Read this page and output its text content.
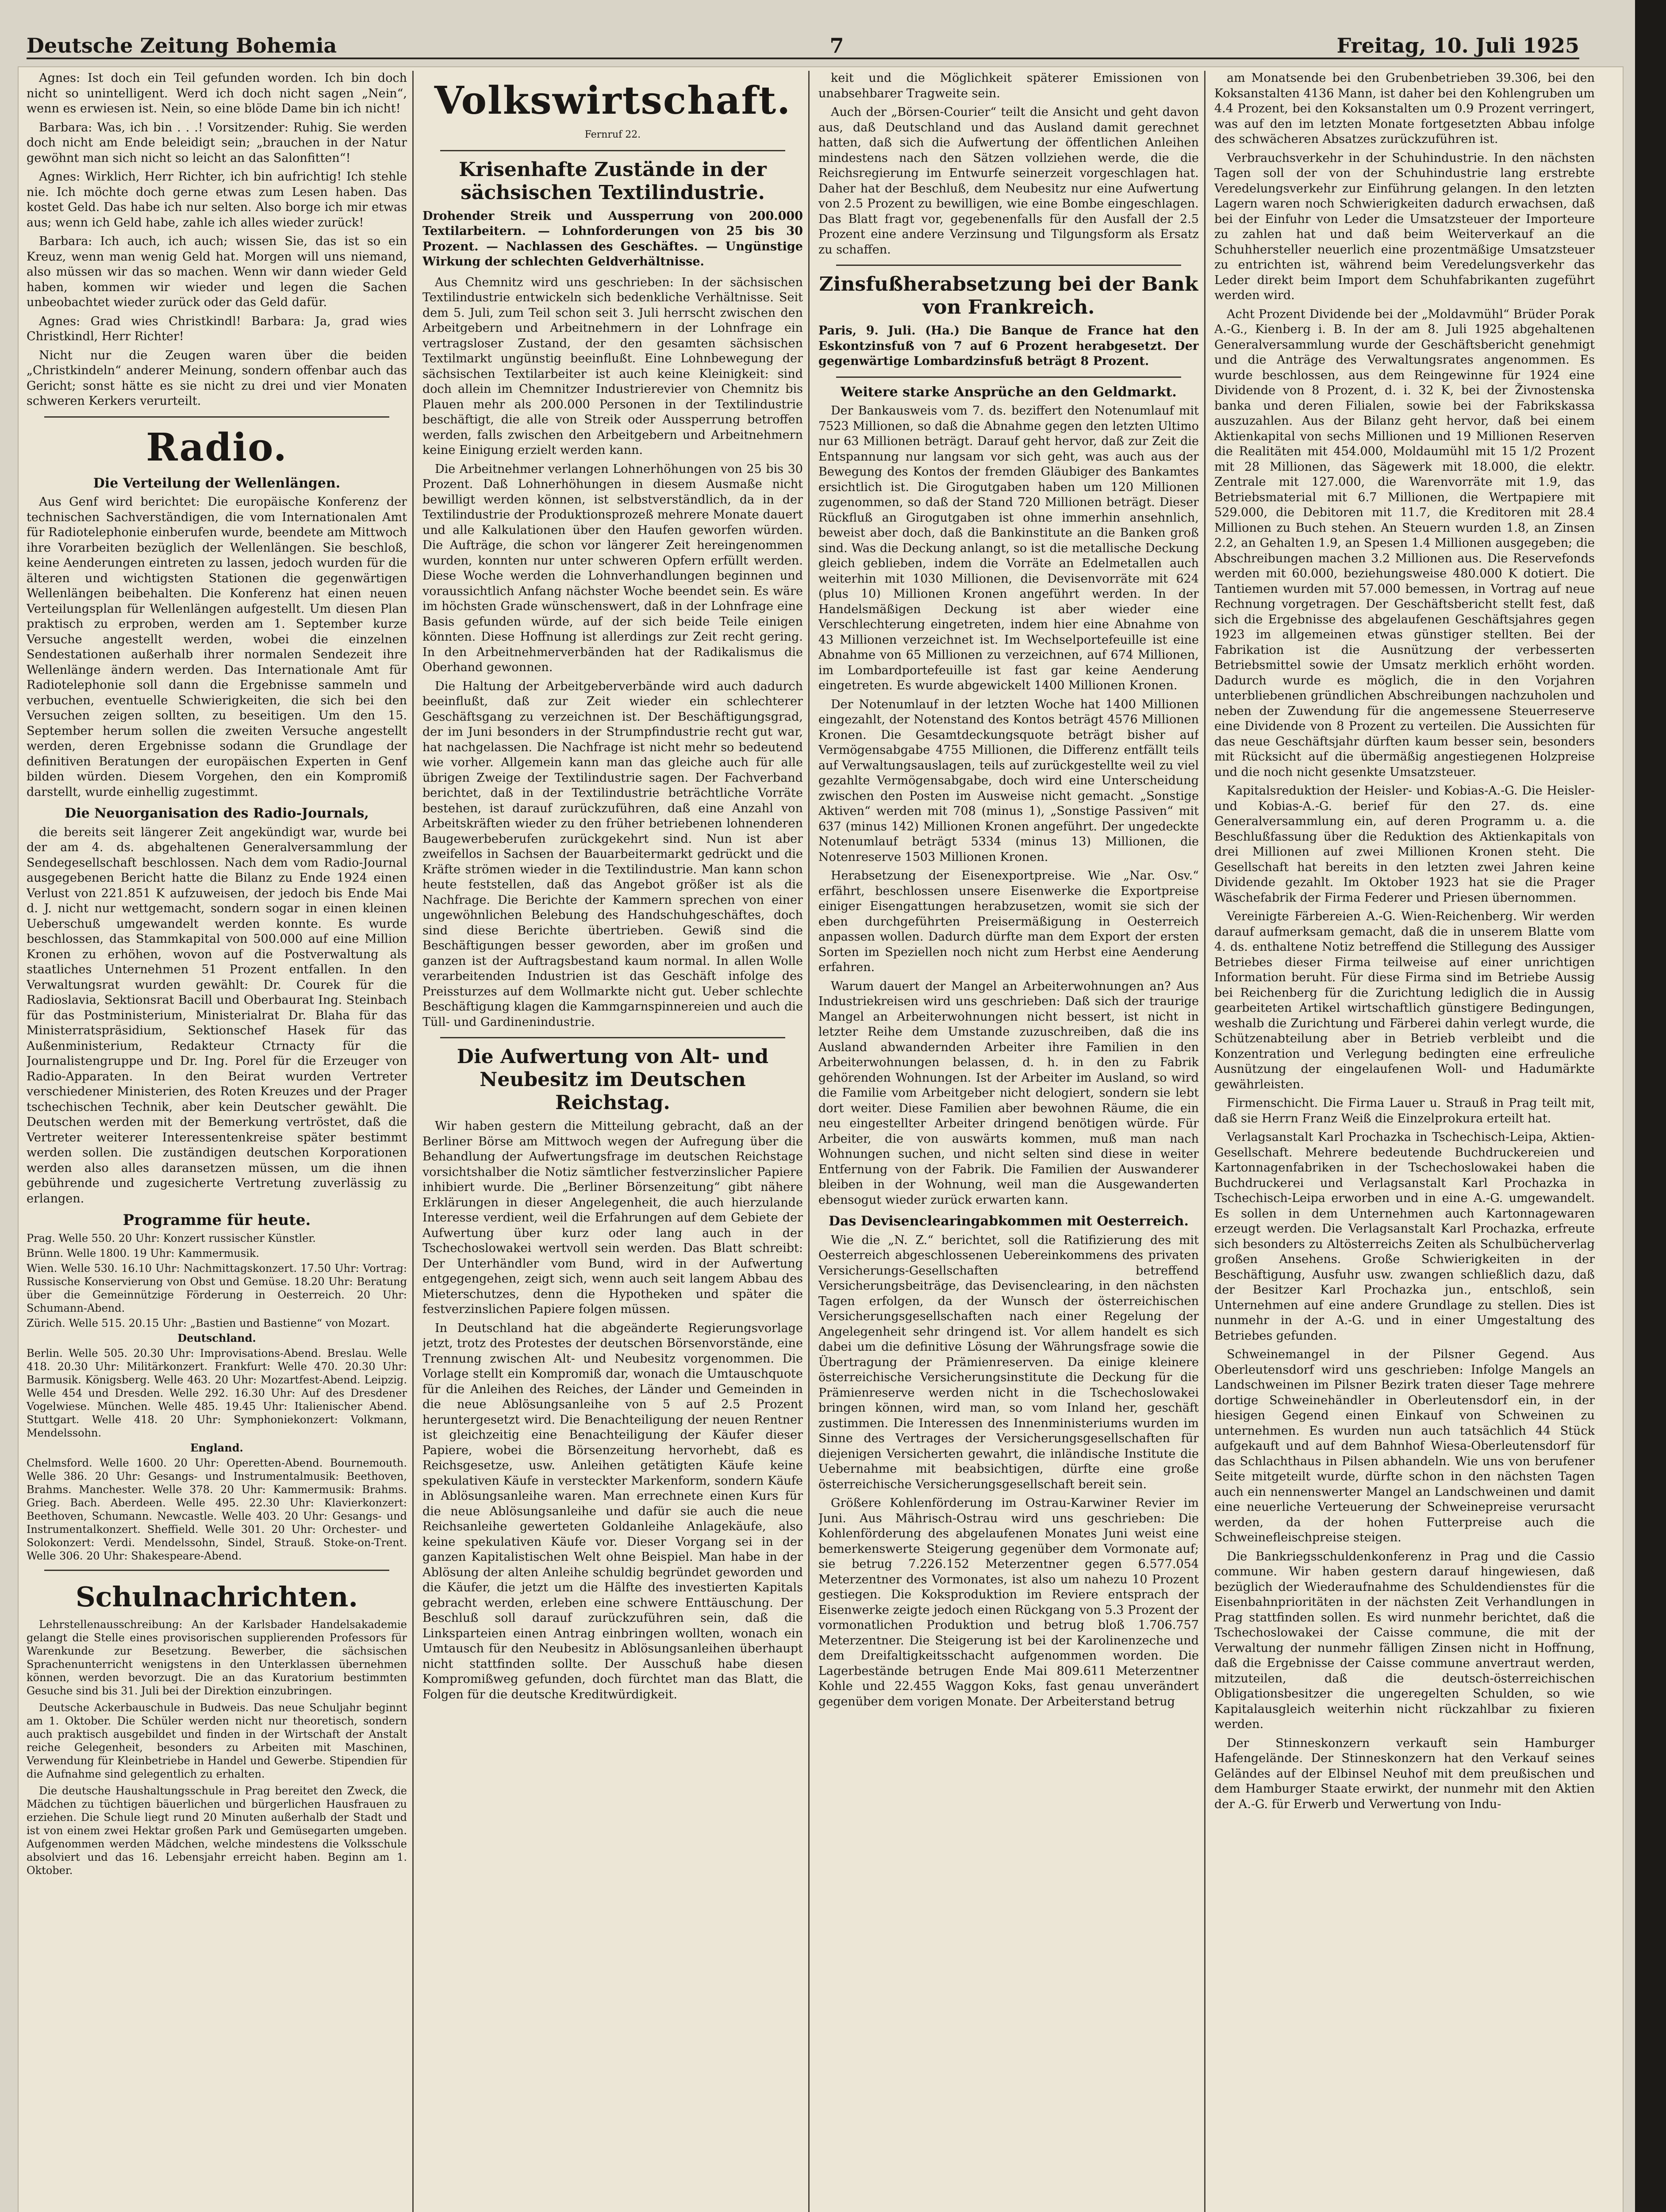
Deutsche Zeitung Bohemia	7	Freitag, 10. Juli 1925

Agnes: Ist doch ein Teil gefunden worden. Ich bin doch nicht so unintelligent. Werd ich doch nicht sagen „Nein“, wenn es erwiesen ist. Nein, so eine blöde Dame bin ich nicht!

Barbara: Was, ich bin . . .! Vorsitzender: Ruhig. Sie werden doch nicht am Ende beleidigt sein; „brauchen in der Natur gewöhnt man sich nicht so leicht an das Salonfitten“!

Agnes: Wirklich, Herr Richter, ich bin aufrichtig! Ich stehle nie. Ich möchte doch gerne etwas zum Lesen haben. Das kostet Geld. Das habe ich nur selten. Also borge ich mir etwas aus; wenn ich Geld habe, zahle ich alles wieder zurück!

Barbara: Ich auch, ich auch; wissen Sie, das ist so ein Kreuz, wenn man wenig Geld hat. Morgen will uns niemand, also müssen wir das so machen. Wenn wir dann wieder Geld haben, kommen wir wieder und legen die Sachen unbeobachtet wieder zurück oder das Geld dafür.

Agnes: Grad wies Christkindl! Barbara: Ja, grad wies Christkindl, Herr Richter!

Nicht nur die Zeugen waren über die beiden „Christkindeln“ anderer Meinung, sondern offenbar auch das Gericht; sonst hätte es sie nicht zu drei und vier Monaten schweren Kerkers verurteilt.

Radio.
Die Verteilung der Wellenlängen.

Aus Genf wird berichtet: Die europäische Konferenz der technischen Sachverständigen, die vom Internationalen Amt für Radiotelephonie einberufen wurde, beendete am Mittwoch ihre Vorarbeiten bezüglich der Wellenlängen. Sie beschloß, keine Aenderungen eintreten zu lassen, jedoch wurden für die älteren und wichtigsten Stationen die gegenwärtigen Wellenlängen beibehalten. Die Konferenz hat einen neuen Verteilungsplan für Wellenlängen aufgestellt. Um diesen Plan praktisch zu erproben, werden am 1. September kurze Versuche angestellt werden, wobei die einzelnen Sendestationen außerhalb ihrer normalen Sendezeit ihre Wellenlänge ändern werden. Das Internationale Amt für Radiotelephonie soll dann die Ergebnisse sammeln und verbuchen, eventuelle Schwierigkeiten, die sich bei den Versuchen zeigen sollten, zu beseitigen. Um den 15. September herum sollen die zweiten Versuche angestellt werden, deren Ergebnisse sodann die Grundlage der definitiven Beratungen der europäischen Experten in Genf bilden würden. Diesem Vorgehen, den ein Kompromiß darstellt, wurde einhellig zugestimmt.

Die Neuorganisation des Radio-Journals,

die bereits seit längerer Zeit angekündigt war, wurde bei der am 4. ds. abgehaltenen Generalversammlung der Sendegesellschaft beschlossen. Nach dem vom Radio-Journal ausgegebenen Bericht hatte die Bilanz zu Ende 1924 einen Verlust von 221.851 K aufzuweisen, der jedoch bis Ende Mai d. J. nicht nur wettgemacht, sondern sogar in einen kleinen Ueberschuß umgewandelt werden konnte. Es wurde beschlossen, das Stammkapital von 500.000 auf eine Million Kronen zu erhöhen, wovon auf die Postverwaltung als staatliches Unternehmen 51 Prozent entfallen. In den Verwaltungsrat wurden gewählt: Dr. Courek für die Radioslavia, Sektionsrat Bacill und Oberbaurat Ing. Steinbach für das Postministerium, Ministerialrat Dr. Blaha für das Ministerratspräsidium, Sektionschef Hasek für das Außenministerium, Redakteur Ctrnacty für die Journalistengruppe und Dr. Ing. Porel für die Erzeuger von Radio-Apparaten. In den Beirat wurden Vertreter verschiedener Ministerien, des Roten Kreuzes und der Prager tschechischen Technik, aber kein Deutscher gewählt. Die Deutschen werden mit der Bemerkung vertröstet, daß die Vertreter weiterer Interessentenkreise später bestimmt werden sollen. Die zuständigen deutschen Korporationen werden also alles daransetzen müssen, um die ihnen gebührende und zugesicherte Vertretung zuverlässig zu erlangen.

Programme für heute.

Prag. Welle 550. 20 Uhr: Konzert russischer Künstler.

Brünn. Welle 1800. 19 Uhr: Kammermusik.

Wien. Welle 530. 16.10 Uhr: Nachmittagskonzert. 17.50 Uhr: Vortrag: Russische Konservierung von Obst und Gemüse. 18.20 Uhr: Beratung über die Gemeinnützige Förderung in Oesterreich. 20 Uhr: Schumann-Abend.

Zürich. Welle 515. 20.15 Uhr: „Bastien und Bastienne“ von Mozart.

Deutschland.

Berlin. Welle 505. 20.30 Uhr: Improvisations-Abend. Breslau. Welle 418. 20.30 Uhr: Militärkonzert. Frankfurt: Welle 470. 20.30 Uhr: Barmusik. Königsberg. Welle 463. 20 Uhr: Mozartfest-Abend. Leipzig. Welle 454 und Dresden. Welle 292. 16.30 Uhr: Auf des Dresdener Vogelwiese. München. Welle 485. 19.45 Uhr: Italienischer Abend. Stuttgart. Welle 418. 20 Uhr: Symphoniekonzert: Volkmann, Mendelssohn.

England.

Chelmsford. Welle 1600. 20 Uhr: Operetten-Abend. Bournemouth. Welle 386. 20 Uhr: Gesangs- und Instrumentalmusik: Beethoven, Brahms. Manchester. Welle 378. 20 Uhr: Kammermusik: Brahms. Grieg. Bach. Aberdeen. Welle 495. 22.30 Uhr: Klavierkonzert: Beethoven, Schumann. Newcastle. Welle 403. 20 Uhr: Gesangs- und Instrumentalkonzert. Sheffield. Welle 301. 20 Uhr: Orchester- und Solokonzert: Verdi. Mendelssohn, Sindel, Strauß. Stoke-on-Trent. Welle 306. 20 Uhr: Shakespeare-Abend.

Schulnachrichten.

Lehrstellenausschreibung: An der Karlsbader Handelsakademie gelangt die Stelle eines provisorischen supplierenden Professors für Warenkunde zur Besetzung. Bewerber, die sächsischen Sprachenunterricht wenigstens in den Unterklassen übernehmen können, werden bevorzugt. Die an das Kuratorium bestimmten Gesuche sind bis 31. Juli bei der Direktion einzubringen.

Deutsche Ackerbauschule in Budweis. Das neue Schuljahr beginnt am 1. Oktober. Die Schüler werden nicht nur theoretisch, sondern auch praktisch ausgebildet und finden in der Wirtschaft der Anstalt reiche Gelegenheit, besonders zu Arbeiten mit Maschinen, Verwendung für Kleinbetriebe in Handel und Gewerbe. Stipendien für die Aufnahme sind gelegentlich zu erhalten.

Die deutsche Haushaltungsschule in Prag bereitet den Zweck, die Mädchen zu tüchtigen bäuerlichen und bürgerlichen Hausfrauen zu erziehen. Die Schule liegt rund 20 Minuten außerhalb der Stadt und ist von einem zwei Hektar großen Park und Gemüsegarten umgeben. Aufgenommen werden Mädchen, welche mindestens die Volksschule absolviert und das 16. Lebensjahr erreicht haben. Beginn am 1. Oktober.

Volkswirtschaft.
Fernruf 22.
Krisenhafte Zustände in der sächsischen Textilindustrie.
Drohender Streik und Aussperrung von 200.000 Textilarbeitern. — Lohnforderungen von 25 bis 30 Prozent. — Nachlassen des Geschäftes. — Ungünstige Wirkung der schlechten Geldverhältnisse.

Aus Chemnitz wird uns geschrieben: In der sächsischen Textilindustrie entwickeln sich bedenkliche Verhältnisse. Seit dem 5. Juli, zum Teil schon seit 3. Juli herrscht zwischen den Arbeitgebern und Arbeitnehmern in der Lohnfrage ein vertragsloser Zustand, der den gesamten sächsischen Textilmarkt ungünstig beeinflußt. Eine Lohnbewegung der sächsischen Textilarbeiter ist auch keine Kleinigkeit: sind doch allein im Chemnitzer Industrierevier von Chemnitz bis Plauen mehr als 200.000 Personen in der Textilindustrie beschäftigt, die alle von Streik oder Aussperrung betroffen werden, falls zwischen den Arbeitgebern und Arbeitnehmern keine Einigung erzielt werden kann.

Die Arbeitnehmer verlangen Lohnerhöhungen von 25 bis 30 Prozent. Daß Lohnerhöhungen in diesem Ausmaße nicht bewilligt werden können, ist selbstverständlich, da in der Textilindustrie der Produktionsprozeß mehrere Monate dauert und alle Kalkulationen über den Haufen geworfen würden. Die Aufträge, die schon vor längerer Zeit hereingenommen wurden, konnten nur unter schweren Opfern erfüllt werden. Diese Woche werden die Lohnverhandlungen beginnen und voraussichtlich Anfang nächster Woche beendet sein. Es wäre im höchsten Grade wünschenswert, daß in der Lohnfrage eine Basis gefunden würde, auf der sich beide Teile einigen könnten. Diese Hoffnung ist allerdings zur Zeit recht gering. In den Arbeitnehmerverbänden hat der Radikalismus die Oberhand gewonnen.

Die Haltung der Arbeitgeberverbände wird auch dadurch beeinflußt, daß zur Zeit wieder ein schlechterer Geschäftsgang zu verzeichnen ist. Der Beschäftigungsgrad, der im Juni besonders in der Strumpfindustrie recht gut war, hat nachgelassen. Die Nachfrage ist nicht mehr so bedeutend wie vorher. Allgemein kann man das gleiche auch für alle übrigen Zweige der Textilindustrie sagen. Der Fachverband berichtet, daß in der Textilindustrie beträchtliche Vorräte bestehen, ist darauf zurückzuführen, daß eine Anzahl von Arbeitskräften wieder zu den früher betriebenen lohnenderen Baugewerbeberufen zurückgekehrt sind. Nun ist aber zweifellos in Sachsen der Bauarbeitermarkt gedrückt und die Kräfte strömen wieder in die Textilindustrie. Man kann schon heute feststellen, daß das Angebot größer ist als die Nachfrage. Die Berichte der Kammern sprechen von einer ungewöhnlichen Belebung des Handschuhgeschäftes, doch sind diese Berichte übertrieben. Gewiß sind die Beschäftigungen besser geworden, aber im großen und ganzen ist der Auftragsbestand kaum normal. In allen Wolle verarbeitenden Industrien ist das Geschäft infolge des Preissturzes auf dem Wollmarkte nicht gut. Ueber schlechte Beschäftigung klagen die Kammgarnspinnereien und auch die Tüll- und Gardinenindustrie.

Die Aufwertung von Alt- und Neubesitz im Deutschen Reichstag.

Wir haben gestern die Mitteilung gebracht, daß an der Berliner Börse am Mittwoch wegen der Aufregung über die Behandlung der Aufwertungsfrage im deutschen Reichstage vorsichtshalber die Notiz sämtlicher festverzinslicher Papiere inhibiert wurde. Die „Berliner Börsenzeitung“ gibt nähere Erklärungen in dieser Angelegenheit, die auch hierzulande Interesse verdient, weil die Erfahrungen auf dem Gebiete der Aufwertung über kurz oder lang auch in der Tschechoslowakei wertvoll sein werden. Das Blatt schreibt: Der Unterhändler vom Bund, wird in der Aufwertung entgegengehen, zeigt sich, wenn auch seit langem Abbau des Mieterschutzes, denn die Hypotheken und später die festverzinslichen Papiere folgen müssen.

In Deutschland hat die abgeänderte Regierungsvorlage jetzt, trotz des Protestes der deutschen Börsenvorstände, eine Trennung zwischen Alt- und Neubesitz vorgenommen. Die Vorlage stellt ein Kompromiß dar, wonach die Umtauschquote für die Anleihen des Reiches, der Länder und Gemeinden in die neue Ablösungsanleihe von 5 auf 2.5 Prozent heruntergesetzt wird. Die Benachteiligung der neuen Rentner ist gleichzeitig eine Benachteiligung der Käufer dieser Papiere, wobei die Börsenzeitung hervorhebt, daß es Reichsgesetze, usw. Anleihen getätigten Käufe keine spekulativen Käufe in versteckter Markenform, sondern Käufe in Ablösungsanleihe waren. Man errechnete einen Kurs für die neue Ablösungsanleihe und dafür sie auch die neue Reichsanleihe gewerteten Goldanleihe Anlagekäufe, also keine spekulativen Käufe vor. Dieser Vorgang sei in der ganzen Kapitalistischen Welt ohne Beispiel. Man habe in der Ablösung der alten Anleihe schuldig begründet geworden und die Käufer, die jetzt um die Hälfte des investierten Kapitals gebracht werden, erleben eine schwere Enttäuschung. Der Beschluß soll darauf zurückzuführen sein, daß die Linksparteien einen Antrag einbringen wollten, wonach ein Umtausch für den Neubesitz in Ablösungsanleihen überhaupt nicht stattfinden sollte. Der Ausschuß habe diesen Kompromißweg gefunden, doch fürchtet man das Blatt, die Folgen für die deutsche Kreditwürdigkeit.

keit und die Möglichkeit späterer Emissionen von unabsehbarer Tragweite sein.

Auch der „Börsen-Courier“ teilt die Ansicht und geht davon aus, daß Deutschland und das Ausland damit gerechnet hatten, daß sich die Aufwertung der öffentlichen Anleihen mindestens nach den Sätzen vollziehen werde, die die Reichsregierung im Entwurfe seinerzeit vorgeschlagen hat. Daher hat der Beschluß, dem Neubesitz nur eine Aufwertung von 2.5 Prozent zu bewilligen, wie eine Bombe eingeschlagen. Das Blatt fragt vor, gegebenenfalls für den Ausfall der 2.5 Prozent eine andere Verzinsung und Tilgungsform als Ersatz zu schaffen.

Zinsfußherabsetzung bei der Bank von Frankreich.
Paris, 9. Juli. (Ha.) Die Banque de France hat den Eskontzinsfuß von 7 auf 6 Prozent herabgesetzt. Der gegenwärtige Lombardzinsfuß beträgt 8 Prozent.
Weitere starke Ansprüche an den Geldmarkt.

Der Bankausweis vom 7. ds. beziffert den Notenumlauf mit 7523 Millionen, so daß die Abnahme gegen den letzten Ultimo nur 63 Millionen beträgt. Darauf geht hervor, daß zur Zeit die Entspannung nur langsam vor sich geht, was auch aus der Bewegung des Kontos der fremden Gläubiger des Bankamtes ersichtlich ist. Die Girogutgaben haben um 120 Millionen zugenommen, so daß der Stand 720 Millionen beträgt. Dieser Rückfluß an Girogutgaben ist ohne immerhin ansehnlich, beweist aber doch, daß die Bankinstitute an die Banken groß sind. Was die Deckung anlangt, so ist die metallische Deckung gleich geblieben, indem die Vorräte an Edelmetallen auch weiterhin mit 1030 Millionen, die Devisenvorräte mit 624 (plus 10) Millionen Kronen angeführt werden. In der Handelsmäßigen Deckung ist aber wieder eine Verschlechterung eingetreten, indem hier eine Abnahme von 43 Millionen verzeichnet ist. Im Wechselportefeuille ist eine Abnahme von 65 Millionen zu verzeichnen, auf 674 Millionen, im Lombardportefeuille ist fast gar keine Aenderung eingetreten. Es wurde abgewickelt 1400 Millionen Kronen.

Der Notenumlauf in der letzten Woche hat 1400 Millionen eingezahlt, der Notenstand des Kontos beträgt 4576 Millionen Kronen. Die Gesamtdeckungsquote beträgt bisher auf Vermögensabgabe 4755 Millionen, die Differenz entfällt teils auf Verwaltungsauslagen, teils auf zurückgestellte weil zu viel gezahlte Vermögensabgabe, doch wird eine Unterscheidung zwischen den Posten im Ausweise nicht gemacht. „Sonstige Aktiven“ werden mit 708 (minus 1), „Sonstige Passiven“ mit 637 (minus 142) Millionen Kronen angeführt. Der ungedeckte Notenumlauf beträgt 5334 (minus 13) Millionen, die Notenreserve 1503 Millionen Kronen.

Herabsetzung der Eisenexportpreise. Wie „Nar. Osv.“ erfährt, beschlossen unsere Eisenwerke die Exportpreise einiger Eisengattungen herabzusetzen, womit sie sich der eben durchgeführten Preisermäßigung in Oesterreich anpassen wollen. Dadurch dürfte man dem Export der ersten Sorten im Speziellen noch nicht zum Herbst eine Aenderung erfahren.

Warum dauert der Mangel an Arbeiterwohnungen an? Aus Industriekreisen wird uns geschrieben: Daß sich der traurige Mangel an Arbeiterwohnungen nicht bessert, ist nicht in letzter Reihe dem Umstande zuzuschreiben, daß die ins Ausland abwandernden Arbeiter ihre Familien in den Arbeiterwohnungen belassen, d. h. in den zu Fabrik gehörenden Wohnungen. Ist der Arbeiter im Ausland, so wird die Familie vom Arbeitgeber nicht delogiert, sondern sie lebt dort weiter. Diese Familien aber bewohnen Räume, die ein neu eingestellter Arbeiter dringend benötigen würde. Für Arbeiter, die von auswärts kommen, muß man nach Wohnungen suchen, und nicht selten sind diese in weiter Entfernung von der Fabrik. Die Familien der Auswanderer bleiben in der Wohnung, weil man die Ausgewanderten ebensogut wieder zurück erwarten kann.

Das Devisenclearingabkommen mit Oesterreich.

Wie die „N. Z.“ berichtet, soll die Ratifizierung des mit Oesterreich abgeschlossenen Uebereinkommens des privaten Versicherungs-Gesellschaften betreffend Versicherungsbeiträge, das Devisenclearing, in den nächsten Tagen erfolgen, da der Wunsch der österreichischen Versicherungsgesellschaften nach einer Regelung der Angelegenheit sehr dringend ist. Vor allem handelt es sich dabei um die definitive Lösung der Währungsfrage sowie die Übertragung der Prämienreserven. Da einige kleinere österreichische Versicherungsinstitute die Deckung für die Prämienreserve werden nicht in die Tschechoslowakei bringen können, wird man, so vom Inland her, geschäft zustimmen. Die Interessen des Innenministeriums wurden im Sinne des Vertrages der Versicherungsgesellschaften für diejenigen Versicherten gewahrt, die inländische Institute die Uebernahme mit beabsichtigen, dürfte eine große österreichische Versicherungsgesellschaft bereit sein.

Größere Kohlenförderung im Ostrau-Karwiner Revier im Juni. Aus Mährisch-Ostrau wird uns geschrieben: Die Kohlenförderung des abgelaufenen Monates Juni weist eine bemerkenswerte Steigerung gegenüber dem Vormonate auf; sie betrug 7.226.152 Meterzentner gegen 6.577.054 Meterzentner des Vormonates, ist also um nahezu 10 Prozent gestiegen. Die Koksproduktion im Reviere entsprach der Eisenwerke zeigte jedoch einen Rückgang von 5.3 Prozent der vormonatlichen Produktion und betrug bloß 1.706.757 Meterzentner. Die Steigerung ist bei der Karolinenzeche und dem Dreifaltigkeitsschacht aufgenommen worden. Die Lagerbestände betrugen Ende Mai 809.611 Meterzentner Kohle und 22.455 Waggon Koks, fast genau unverändert gegenüber dem vorigen Monate. Der Arbeiterstand betrug

am Monatsende bei den Grubenbetrieben 39.306, bei den Koksanstalten 4136 Mann, ist daher bei den Kohlengruben um 4.4 Prozent, bei den Koksanstalten um 0.9 Prozent verringert, was auf den im letzten Monate fortgesetzten Abbau infolge des schwächeren Absatzes zurückzuführen ist.

Verbrauchsverkehr in der Schuhindustrie. In den nächsten Tagen soll der von der Schuhindustrie lang erstrebte Veredelungsverkehr zur Einführung gelangen. In den letzten Lagern waren noch Schwierigkeiten dadurch erwachsen, daß bei der Einfuhr von Leder die Umsatzsteuer der Importeure zu zahlen hat und daß beim Weiterverkauf an die Schuhhersteller neuerlich eine prozentmäßige Umsatzsteuer zu entrichten ist, während beim Veredelungsverkehr das Leder direkt beim Import dem Schuhfabrikanten zugeführt werden wird.

Acht Prozent Dividende bei der „Moldavmühl“ Brüder Porak A.-G., Kienberg i. B. In der am 8. Juli 1925 abgehaltenen Generalversammlung wurde der Geschäftsbericht genehmigt und die Anträge des Verwaltungsrates angenommen. Es wurde beschlossen, aus dem Reingewinne für 1924 eine Dividende von 8 Prozent, d. i. 32 K, bei der Živnostenska banka und deren Filialen, sowie bei der Fabrikskassa auszuzahlen. Aus der Bilanz geht hervor, daß bei einem Aktienkapital von sechs Millionen und 19 Millionen Reserven die Realitäten mit 454.000, Moldaumühl mit 15 1/2 Prozent mit 28 Millionen, das Sägewerk mit 18.000, die elektr. Zentrale mit 127.000, die Warenvorräte mit 1.9, das Betriebsmaterial mit 6.7 Millionen, die Wertpapiere mit 529.000, die Debitoren mit 11.7, die Kreditoren mit 28.4 Millionen zu Buch stehen. An Steuern wurden 1.8, an Zinsen 2.2, an Gehalten 1.9, an Spesen 1.4 Millionen ausgegeben; die Abschreibungen machen 3.2 Millionen aus. Die Reservefonds werden mit 60.000, beziehungsweise 480.000 K dotiert. Die Tantiemen wurden mit 57.000 bemessen, in Vortrag auf neue Rechnung vorgetragen. Der Geschäftsbericht stellt fest, daß sich die Ergebnisse des abgelaufenen Geschäftsjahres gegen 1923 im allgemeinen etwas günstiger stellten. Bei der Fabrikation ist die Ausnützung der verbesserten Betriebsmittel sowie der Umsatz merklich erhöht worden. Dadurch wurde es möglich, die in den Vorjahren unterbliebenen gründlichen Abschreibungen nachzuholen und neben der Zuwendung für die angemessene Steuerreserve eine Dividende von 8 Prozent zu verteilen. Die Aussichten für das neue Geschäftsjahr dürften kaum besser sein, besonders mit Rücksicht auf die übermäßig angestiegenen Holzpreise und die noch nicht gesenkte Umsatzsteuer.

Kapitalsreduktion der Heisler- und Kobias-A.-G. Die Heisler- und Kobias-A.-G. berief für den 27. ds. eine Generalversammlung ein, auf deren Programm u. a. die Beschlußfassung über die Reduktion des Aktienkapitals von drei Millionen auf zwei Millionen Kronen steht. Die Gesellschaft hat bereits in den letzten zwei Jahren keine Dividende gezahlt. Im Oktober 1923 hat sie die Prager Wäschefabrik der Firma Federer und Priesen übernommen.

Vereinigte Färbereien A.-G. Wien-Reichenberg. Wir werden darauf aufmerksam gemacht, daß die in unserem Blatte vom 4. ds. enthaltene Notiz betreffend die Stillegung des Aussiger Betriebes dieser Firma teilweise auf einer unrichtigen Information beruht. Für diese Firma sind im Betriebe Aussig bei Reichenberg für die Zurichtung lediglich die in Aussig gearbeiteten Artikel wirtschaftlich günstigere Bedingungen, weshalb die Zurichtung und Färberei dahin verlegt wurde, die Schützenabteilung aber in Betrieb verbleibt und die Konzentration und Verlegung bedingten eine erfreuliche Ausnützung der eingelaufenen Woll- und Hadumärkte gewährleisten.

Firmenschicht. Die Firma Lauer u. Strauß in Prag teilt mit, daß sie Herrn Franz Weiß die Einzelprokura erteilt hat.

Verlagsanstalt Karl Prochazka in Tschechisch-Leipa, Aktien-Gesellschaft. Mehrere bedeutende Buchdruckereien und Kartonnagenfabriken in der Tschechoslowakei haben die Buchdruckerei und Verlagsanstalt Karl Prochazka in Tschechisch-Leipa erworben und in eine A.-G. umgewandelt. Es sollen in dem Unternehmen auch Kartonnagewaren erzeugt werden. Die Verlagsanstalt Karl Prochazka, erfreute sich besonders zu Altösterreichs Zeiten als Schulbücherverlag großen Ansehens. Große Schwierigkeiten in der Beschäftigung, Ausfuhr usw. zwangen schließlich dazu, daß der Besitzer Karl Prochazka jun., entschloß, sein Unternehmen auf eine andere Grundlage zu stellen. Dies ist nunmehr in der A.-G. und in einer Umgestaltung des Betriebes gefunden.

Schweinemangel in der Pilsner Gegend. Aus Oberleutensdorf wird uns geschrieben: Infolge Mangels an Landschweinen im Pilsner Bezirk traten dieser Tage mehrere dortige Schweinehändler in Oberleutensdorf ein, in der hiesigen Gegend einen Einkauf von Schweinen zu unternehmen. Es wurden nun auch tatsächlich 44 Stück aufgekauft und auf dem Bahnhof Wiesa-Oberleutensdorf für das Schlachthaus in Pilsen abhandeln. Wie uns von berufener Seite mitgeteilt wurde, dürfte schon in den nächsten Tagen auch ein nennenswerter Mangel an Landschweinen und damit eine neuerliche Verteuerung der Schweinepreise verursacht werden, da der hohen Futterpreise auch die Schweinefleischpreise steigen.

Die Bankriegsschuldenkonferenz in Prag und die Cassio commune. Wir haben gestern darauf hingewiesen, daß bezüglich der Wiederaufnahme des Schuldendienstes für die Eisenbahnprioritäten in der nächsten Zeit Verhandlungen in Prag stattfinden sollen. Es wird nunmehr berichtet, daß die Tschechoslowakei der Caisse commune, die mit der Verwaltung der nunmehr fälligen Zinsen nicht in Hoffnung, daß die Ergebnisse der Caisse commune anvertraut werden, mitzuteilen, daß die deutsch-österreichischen Obligationsbesitzer die ungeregelten Schulden, so wie Kapitalausgleich weiterhin nicht rückzahlbar zu fixieren werden.

Der Stinneskonzern verkauft sein Hamburger Hafengelände. Der Stinneskonzern hat den Verkauf seines Geländes auf der Elbinsel Neuhof mit dem preußischen und dem Hamburger Staate erwirkt, der nunmehr mit den Aktien der A.-G. für Erwerb und Verwertung von Indu-
